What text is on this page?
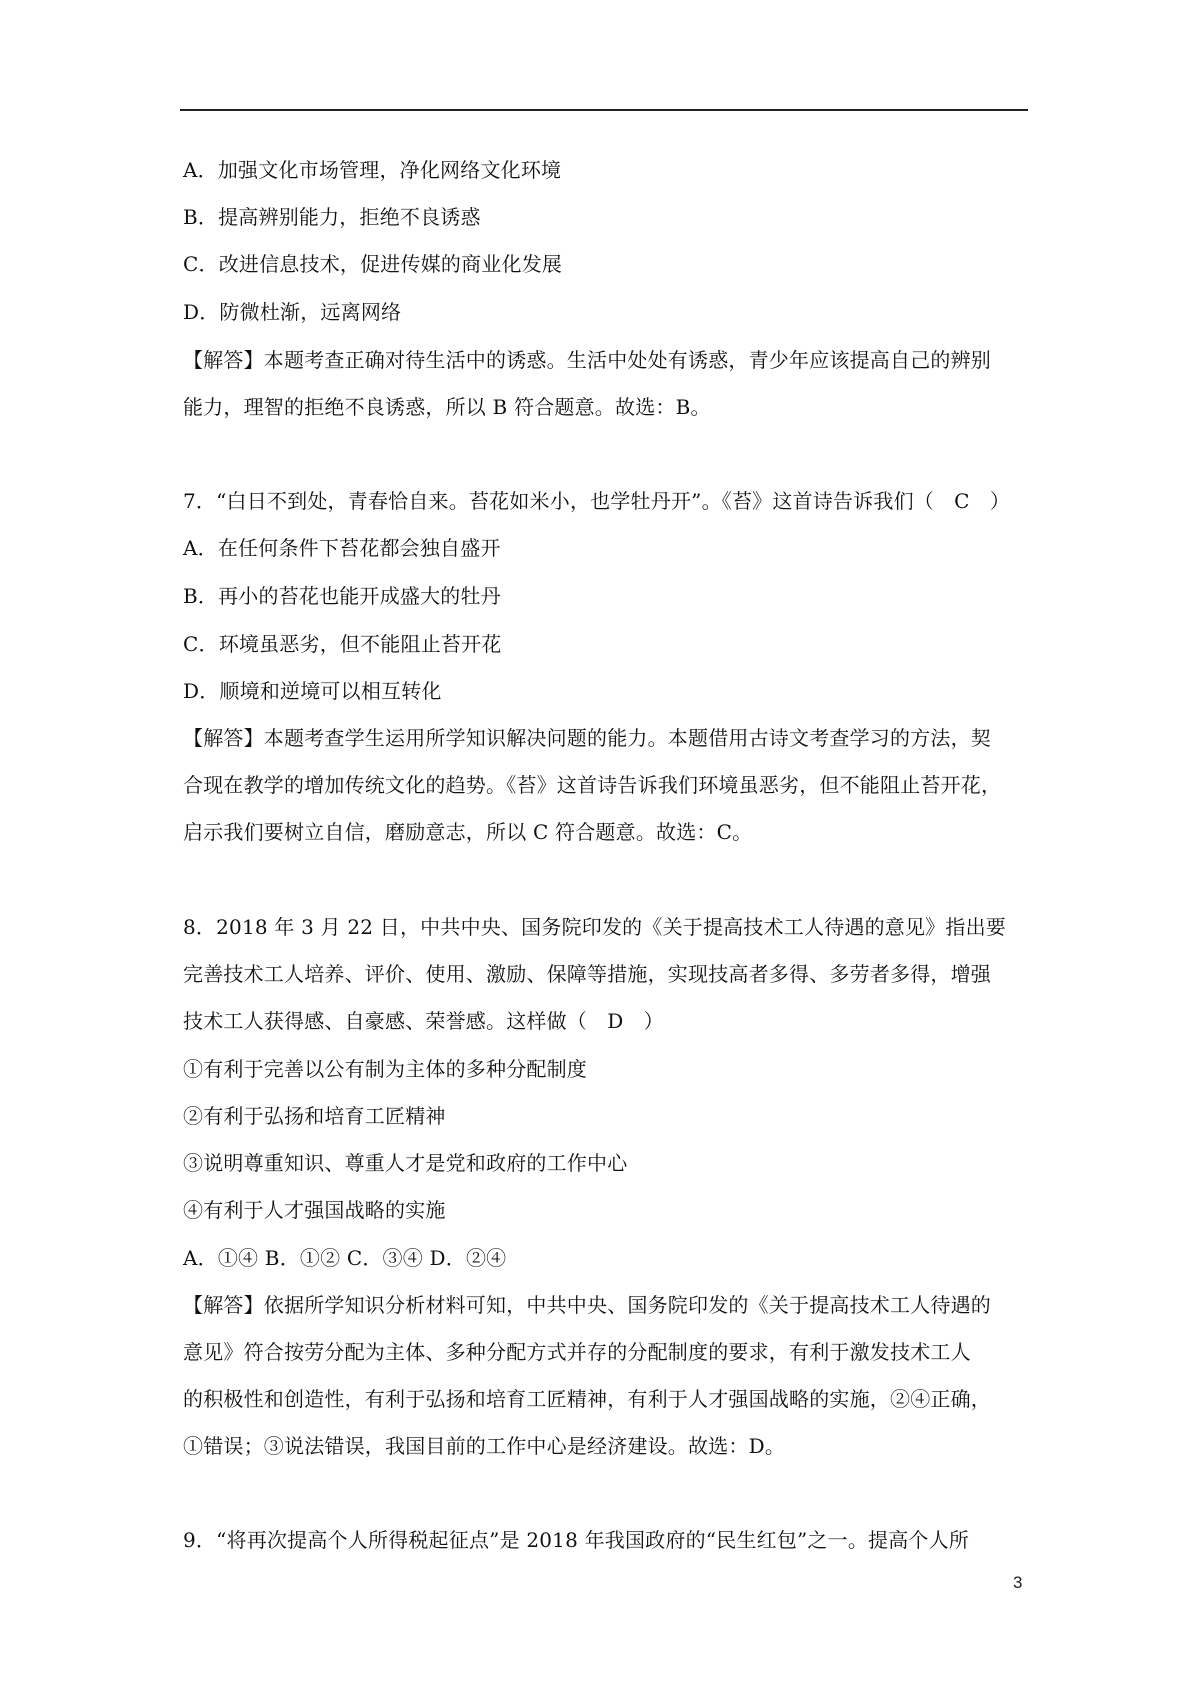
A．加强文化市场管理，净化网络文化环境
B．提高辨别能力，拒绝不良诱惑
C．改进信息技术，促进传媒的商业化发展
D．防微杜渐，远离网络
【解答】本题考查正确对待生活中的诱惑。生活中处处有诱惑，青少年应该提高自己的辨别
能力，理智的拒绝不良诱惑，所以 B 符合题意。故选：B。
7．“白日不到处，青春恰自来。苔花如米小，也学牡丹开”。《苔》这首诗告诉我们（　C　）
A．在任何条件下苔花都会独自盛开
B．再小的苔花也能开成盛大的牡丹
C．环境虽恶劣，但不能阻止苔开花
D．顺境和逆境可以相互转化
【解答】本题考查学生运用所学知识解决问题的能力。本题借用古诗文考查学习的方法，契
合现在教学的增加传统文化的趋势。《苔》这首诗告诉我们环境虽恶劣，但不能阻止苔开花，
启示我们要树立自信，磨励意志，所以 C 符合题意。故选：C。
8．2018 年 3 月 22 日，中共中央、国务院印发的《关于提高技术工人待遇的意见》指出要
完善技术工人培养、评价、使用、激励、保障等措施，实现技高者多得、多劳者多得，增强
技术工人获得感、自豪感、荣誉感。这样做（　D　）
①有利于完善以公有制为主体的多种分配制度
②有利于弘扬和培育工匠精神
③说明尊重知识、尊重人才是党和政府的工作中心
④有利于人才强国战略的实施
A．①④ B．①② C．③④ D．②④
【解答】依据所学知识分析材料可知，中共中央、国务院印发的《关于提高技术工人待遇的
意见》符合按劳分配为主体、多种分配方式并存的分配制度的要求，有利于激发技术工人
的积极性和创造性，有利于弘扬和培育工匠精神，有利于人才强国战略的实施，②④正确，
①错误；③说法错误，我国目前的工作中心是经济建设。故选：D。
9．“将再次提高个人所得税起征点”是 2018 年我国政府的“民生红包”之一。提高个人所
3
